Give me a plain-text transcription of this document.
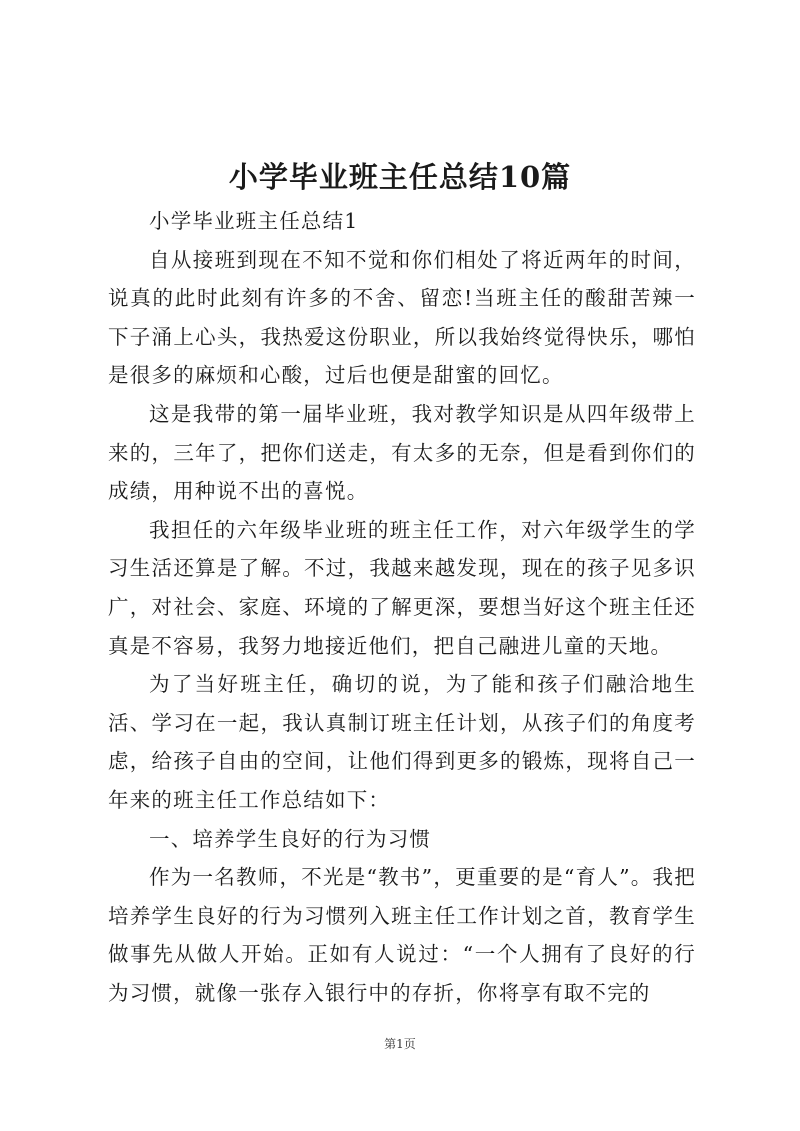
小学毕业班主任总结10篇

小学毕业班主任总结1

自从接班到现在不知不觉和你们相处了将近两年的时间，说真的此时此刻有许多的不舍、留恋!当班主任的酸甜苦辣一下子涌上心头，我热爱这份职业，所以我始终觉得快乐，哪怕是很多的麻烦和心酸，过后也便是甜蜜的回忆。

这是我带的第一届毕业班，我对教学知识是从四年级带上来的，三年了，把你们送走，有太多的无奈，但是看到你们的成绩，用种说不出的喜悦。

我担任的六年级毕业班的班主任工作，对六年级学生的学习生活还算是了解。不过，我越来越发现，现在的孩子见多识广，对社会、家庭、环境的了解更深，要想当好这个班主任还真是不容易，我努力地接近他们，把自己融进儿童的天地。

为了当好班主任，确切的说，为了能和孩子们融洽地生活、学习在一起，我认真制订班主任计划，从孩子们的角度考虑，给孩子自由的空间，让他们得到更多的锻炼，现将自己一年来的班主任工作总结如下：

一、培养学生良好的行为习惯

作为一名教师，不光是“教书”，更重要的是“育人”。我把培养学生良好的行为习惯列入班主任工作计划之首，教育学生做事先从做人开始。正如有人说过：“一个人拥有了良好的行为习惯，就像一张存入银行中的存折，你将享有取不完的

第1页
